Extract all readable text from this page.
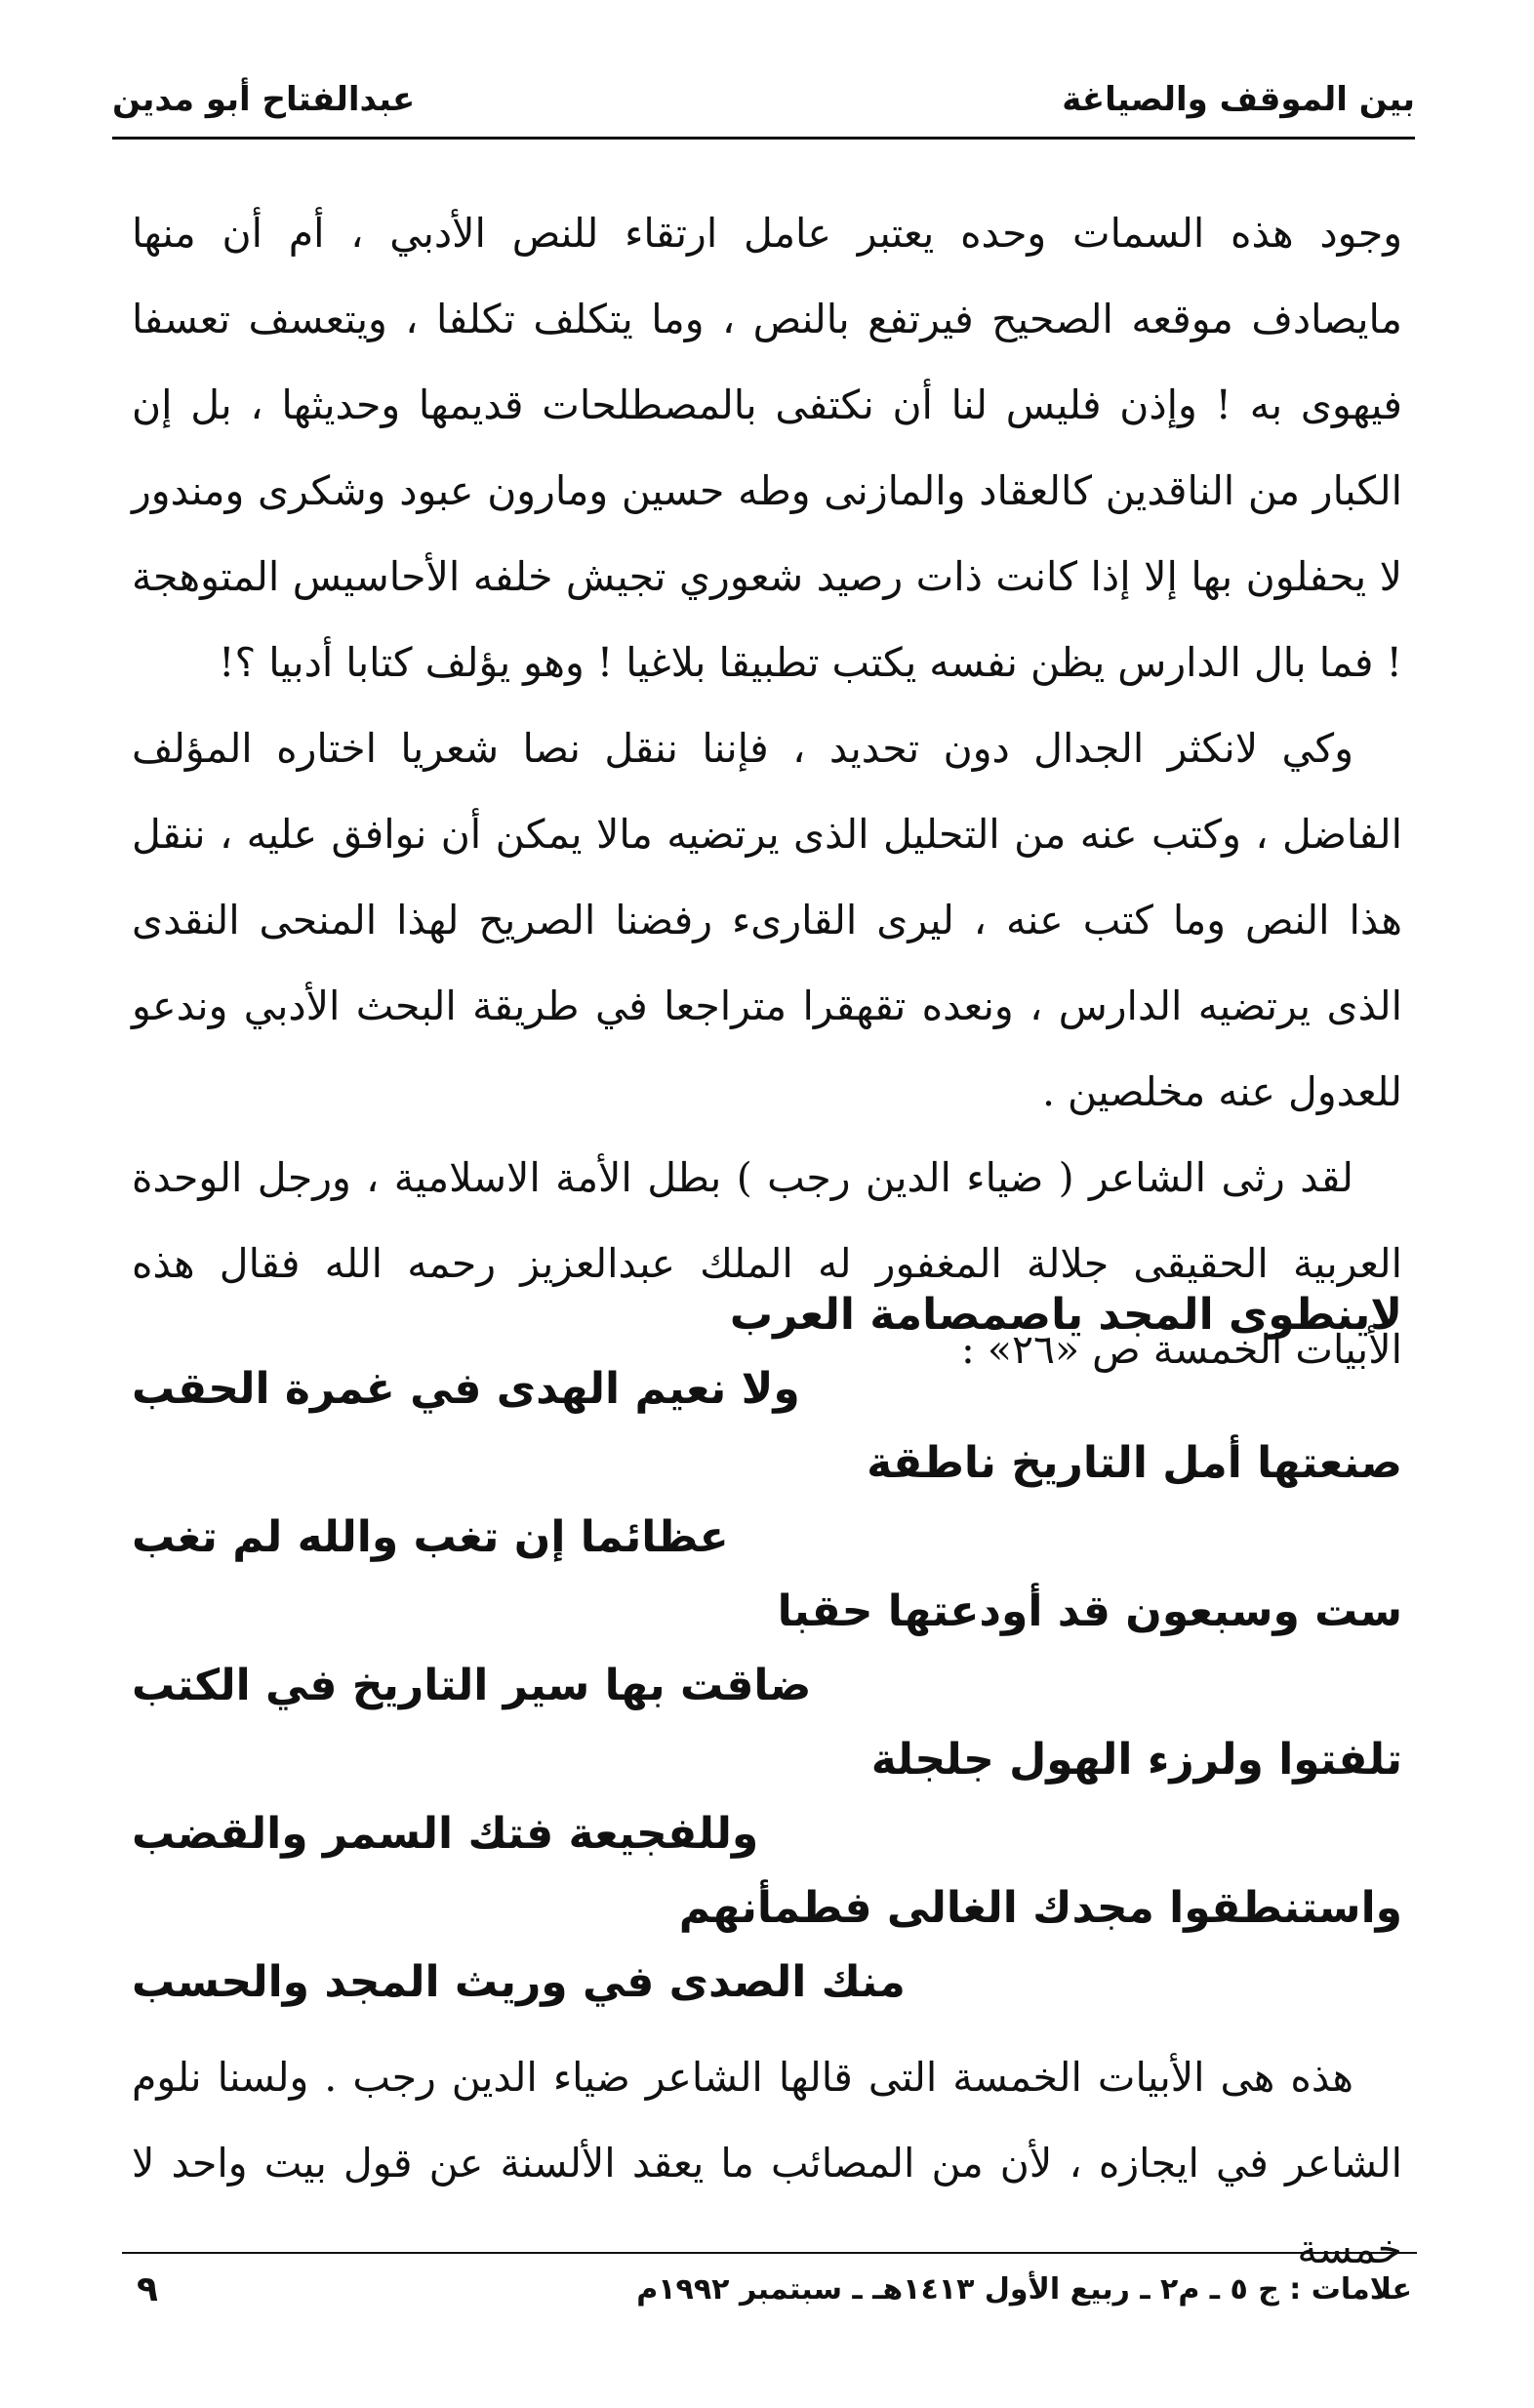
بين الموقف والصياغة
عبدالفتاح أبو مدين

وجود هذه السمات وحده يعتبر عامل ارتقاء للنص الأدبي ، أم أن منها مايصادف موقعه الصحيح فيرتفع بالنص ، وما يتكلف تكلفا ، ويتعسف تعسفا فيهوى به ! وإذن فليس لنا أن نكتفى بالمصطلحات قديمها وحديثها ، بل إن الكبار من الناقدين كالعقاد والمازنى وطه حسين ومارون عبود وشكرى ومندور لا يحفلون بها إلا إذا كانت ذات رصيد شعوري تجيش خلفه الأحاسيس المتوهجة ! فما بال الدارس يظن نفسه يكتب تطبيقا بلاغيا ! وهو يؤلف كتابا أدبيا ؟!

وكي لانكثر الجدال دون تحديد ، فإننا ننقل نصا شعريا اختاره المؤلف الفاضل ، وكتب عنه من التحليل الذى يرتضيه مالا يمكن أن نوافق عليه ، ننقل هذا النص وما كتب عنه ، ليرى القارىء رفضنا الصريح لهذا المنحى النقدى الذى يرتضيه الدارس ، ونعده تقهقرا متراجعا في طريقة البحث الأدبي وندعو للعدول عنه مخلصين .

لقد رثى الشاعر ( ضياء الدين رجب ) بطل الأمة الاسلامية ، ورجل الوحدة العربية الحقيقى جلالة المغفور له الملك عبدالعزيز رحمه الله فقال هذه الأبيات الخمسة ص «٢٦» :

لاينطوى المجد ياصمصامة العرب
ولا نعيم الهدى في غمرة الحقب
صنعتها أمل التاريخ ناطقة
عظائما إن تغب والله لم تغب
ست وسبعون قد أودعتها حقبا
ضاقت بها سير التاريخ في الكتب
تلفتوا ولرزء الهول جلجلة
وللفجيعة فتك السمر والقضب
واستنطقوا مجدك الغالى فطمأنهم
منك الصدى في وريث المجد والحسب

هذه هى الأبيات الخمسة التى قالها الشاعر ضياء الدين رجب . ولسنا نلوم الشاعر في ايجازه ، لأن من المصائب ما يعقد الألسنة عن قول بيت واحد لا خمسة

علامات : ج ٥ ـ م٢ ـ ربيع الأول ١٤١٣هـ ـ سبتمبر ١٩٩٢م
٩
